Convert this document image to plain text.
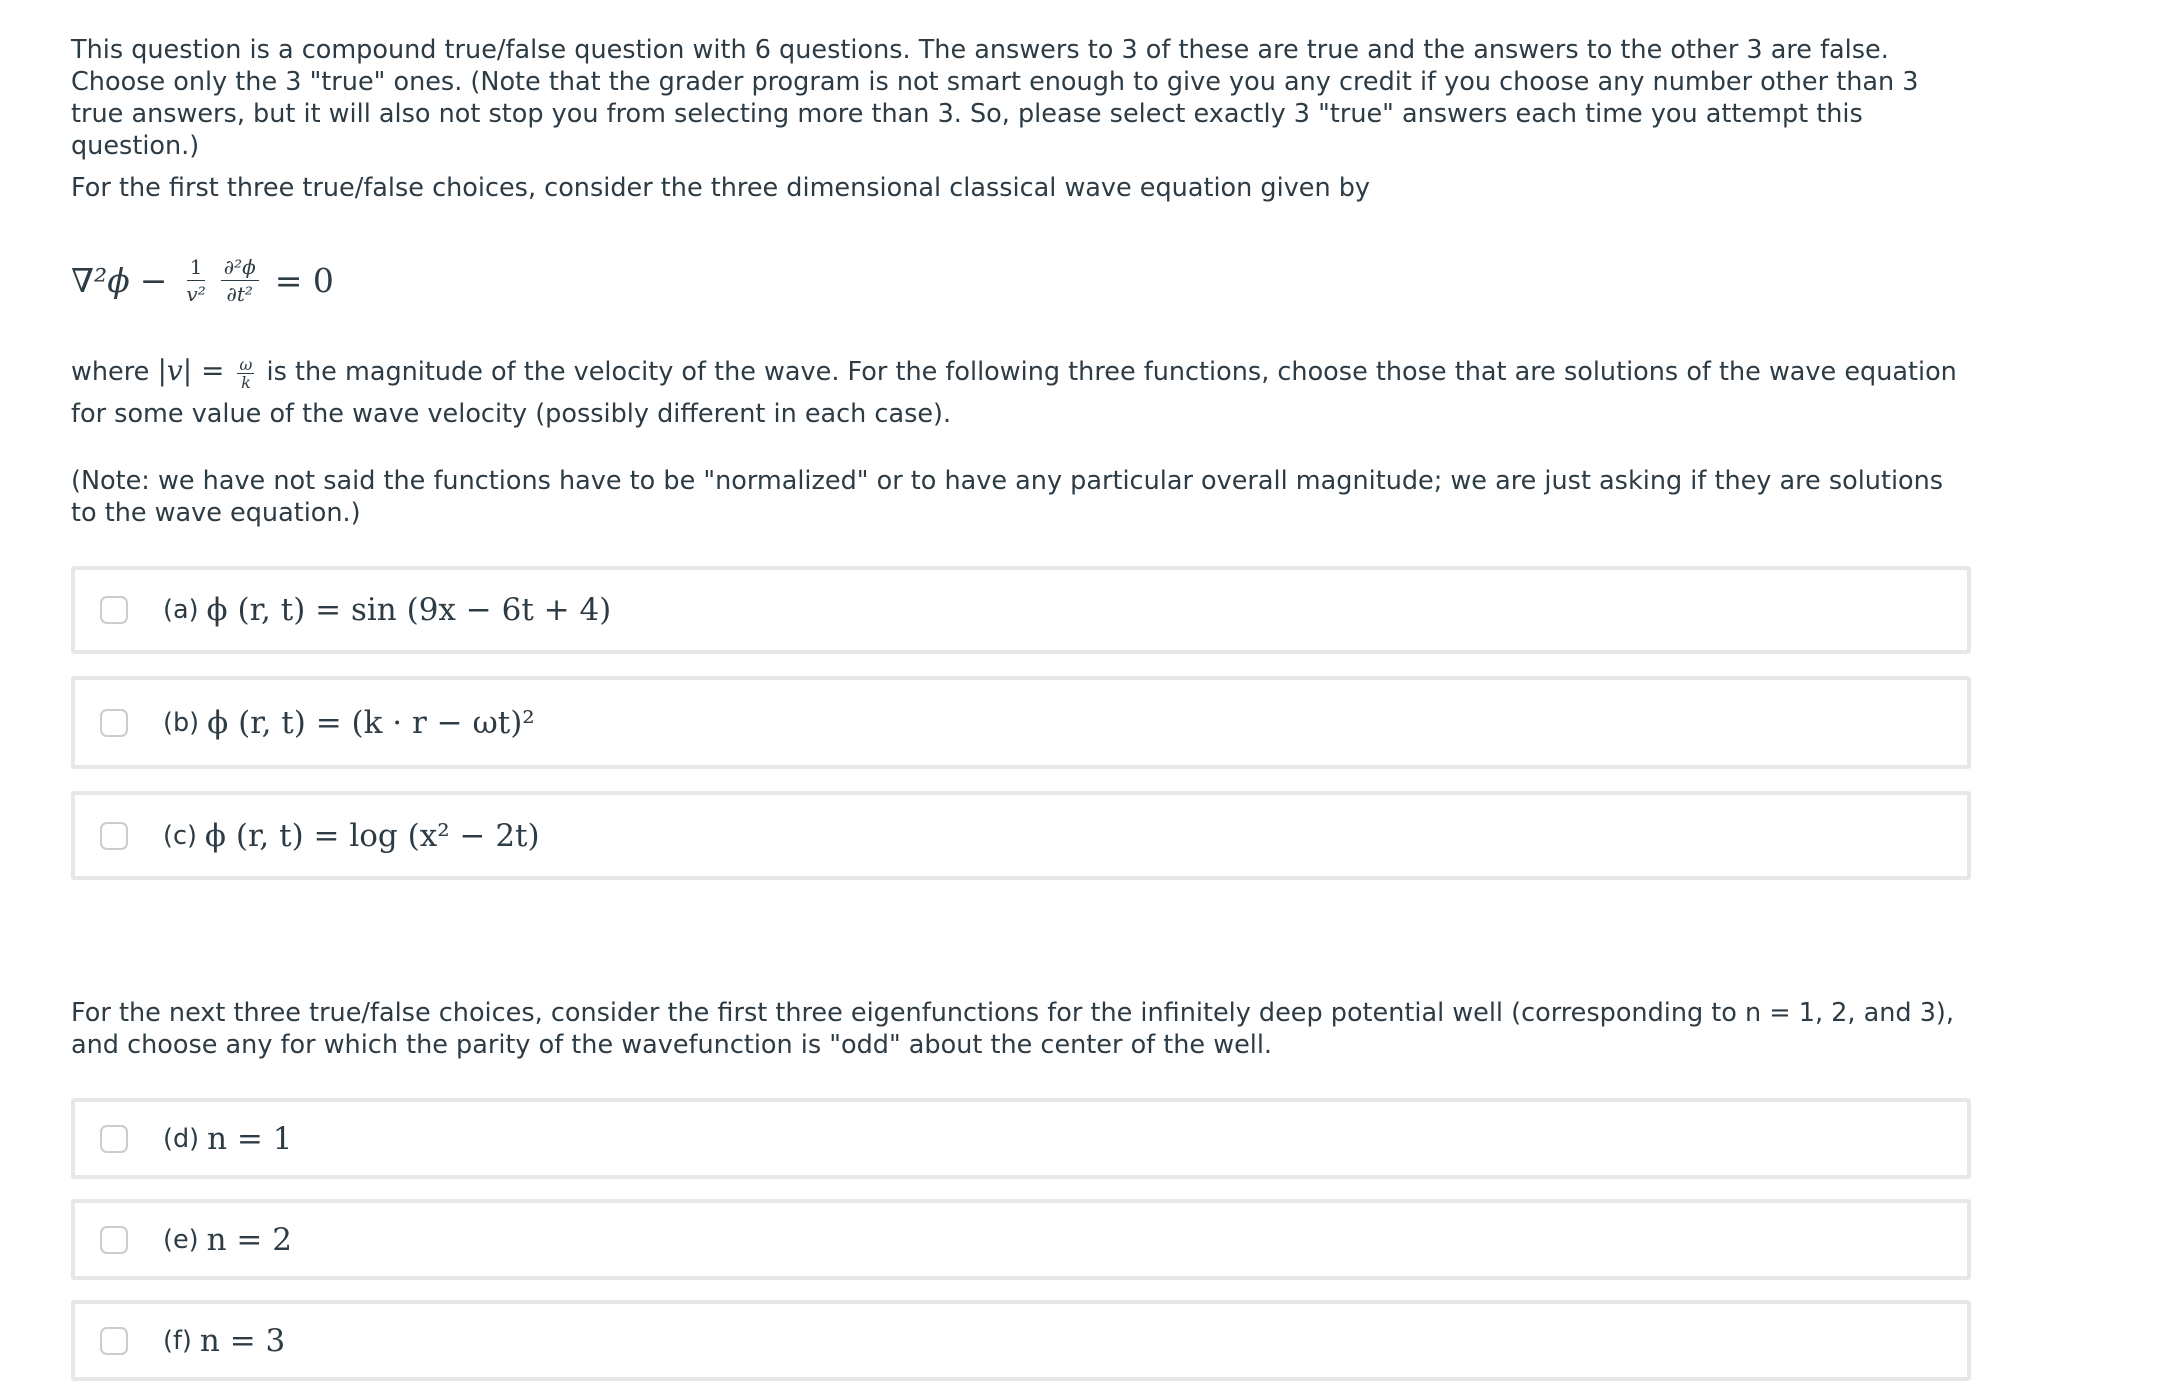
This question is a compound true/false question with 6 questions. The answers to 3 of these are true and the answers to the other 3 are false. Choose only the 3 "true" ones. (Note that the grader program is not smart enough to give you any credit if you choose any number other than 3 true answers, but it will also not stop you from selecting more than 3. So, please select exactly 3 "true" answers each time you attempt this question.)

For the first three true/false choices, consider the three dimensional classical wave equation given by

$\nabla^2\phi - \frac{1}{\text{v²}} \frac{\text{∂²ϕ}}{\text{∂t²}} = 0$

where $|v| = \frac{\omega}{k}$ is the magnitude of the velocity of the wave. For the following three functions, choose those that are solutions of the wave equation for some value of the wave velocity (possibly different in each case).

(Note: we have not said the functions have to be "normalized" or to have any particular overall magnitude; we are just asking if they are solutions to the wave equation.)

(a) ϕ (r, t) = sin (9x − 6t + 4)
(b) ϕ (r, t) = (k · r − ωt)²
(c) ϕ (r, t) = log (x² − 2t)

For the next three true/false choices, consider the first three eigenfunctions for the infinitely deep potential well (corresponding to n = 1, 2, and 3), and choose any for which the parity of the wavefunction is "odd" about the center of the well.

(d) n = 1
(e) n = 2
(f) n = 3
